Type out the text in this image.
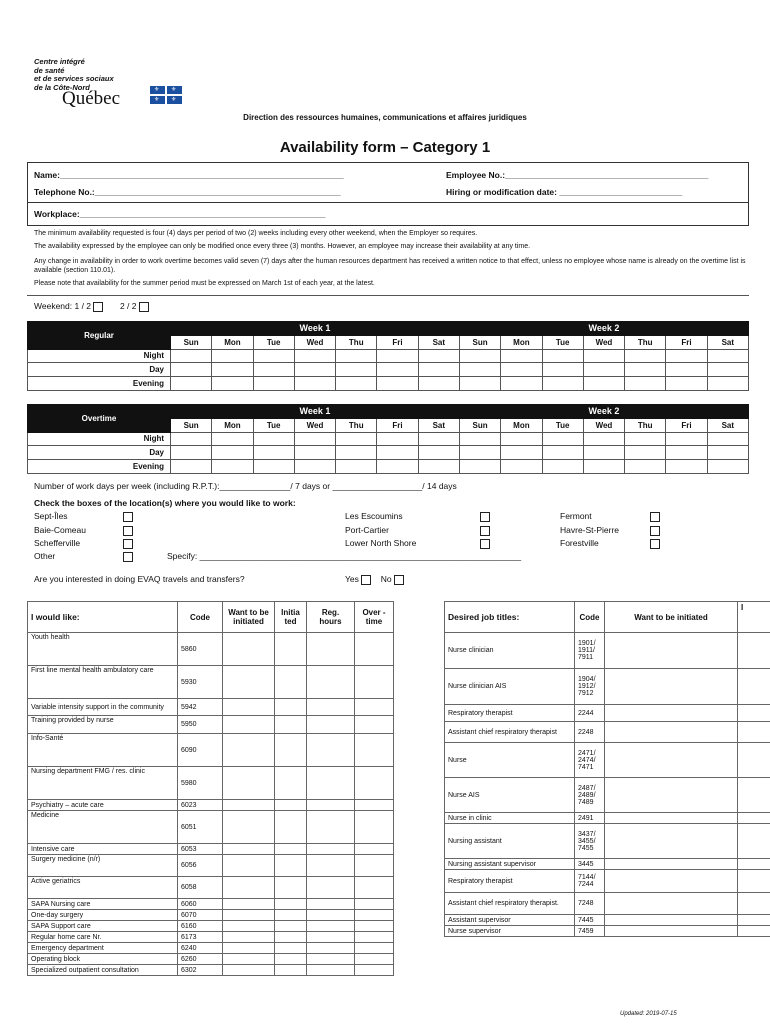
Centre intégré
de santé
et de services sociaux
de la Côte-Nord
Québec	⚜ ⚜
⚜ ⚜
Direction des ressources humaines, communications et affaires juridiques
Availability form – Category 1
Name:____________________________________________________________	Employee No.:___________________________________________
Telephone No.:____________________________________________________	Hiring or modification date: __________________________
Workplace:____________________________________________________
The minimum availability requested is four (4) days per period of two (2) weeks including every other weekend, when the Employer so requires.
The availability expressed by the employee can only be modified once every three (3) months. However, an employee may increase their availability at any time.
Any change in availability in order to work overtime becomes valid seven (7) days after the human resources department has received a written notice to that effect, unless no employee whose name is already on the overtime list is available (section 110.01).
Please note that availability for the summer period must be expressed on March 1st of each year, at the latest.
Weekend: 1 / 2	2 / 2
Regular	Week 1							Week 2						
	Sun	Mon	Tue	Wed	Thu	Fri	Sat	Sun	Mon	Tue	Wed	Thu	Fri	Sat
Night														
Day														
Evening														
Overtime	Week 1							Week 2						
	Sun	Mon	Tue	Wed	Thu	Fri	Sat	Sun	Mon	Tue	Wed	Thu	Fri	Sat
Night														
Day														
Evening														
Number of work days per week (including R.P.T.):_______________/ 7 days or ___________________/ 14 days
Check the boxes of the location(s) where you would like to work:
Sept-Îles
Baie-Comeau
Schefferville
Other	Specify: ____________________________________________________________________
Les Escoumins
Port-Cartier
Lower North Shore
Fermont
Havre-St-Pierre
Forestville
Are you interested in doing EVAQ travels and transfers?	Yes	No
I would like:	Code	Want to be initiated	Initia ted	Reg. hours	Over -time
Youth health	5860				
First line mental health ambulatory care	5930				
Variable intensity support in the community	5942				
Training provided by nurse	5950				
Info-Santé	6090				
Nursing department FMG / res. clinic	5980				
Psychiatry – acute care	6023				
Medicine	6051				
Intensive care	6053				
Surgery medicine (n/r)	6056				
Active geriatrics	6058				
SAPA Nursing care	6060				
One-day surgery	6070				
SAPA Support care	6160				
Regular home care Nr.	6173				
Emergency department	6240				
Operating block	6260				
Specialized outpatient consultation	6302				
Desired job titles:	Code	Want to be initiated	I
Nurse clinician	1901/ 1911/ 7911		
Nurse clinician AIS	1904/ 1912/ 7912		
Respiratory therapist	2244		
Assistant chief respiratory therapist	2248		
Nurse	2471/ 2474/ 7471		
Nurse AIS	2487/ 2489/ 7489		
Nurse in clinic	2491		
Nursing assistant	3437/ 3455/ 7455		
Nursing assistant supervisor	3445		
Respiratory therapist	7144/ 7244		
Assistant chief respiratory therapist.	7248		
Assistant supervisor	7445		
Nurse supervisor	7459		
Updated: 2019-07-15
